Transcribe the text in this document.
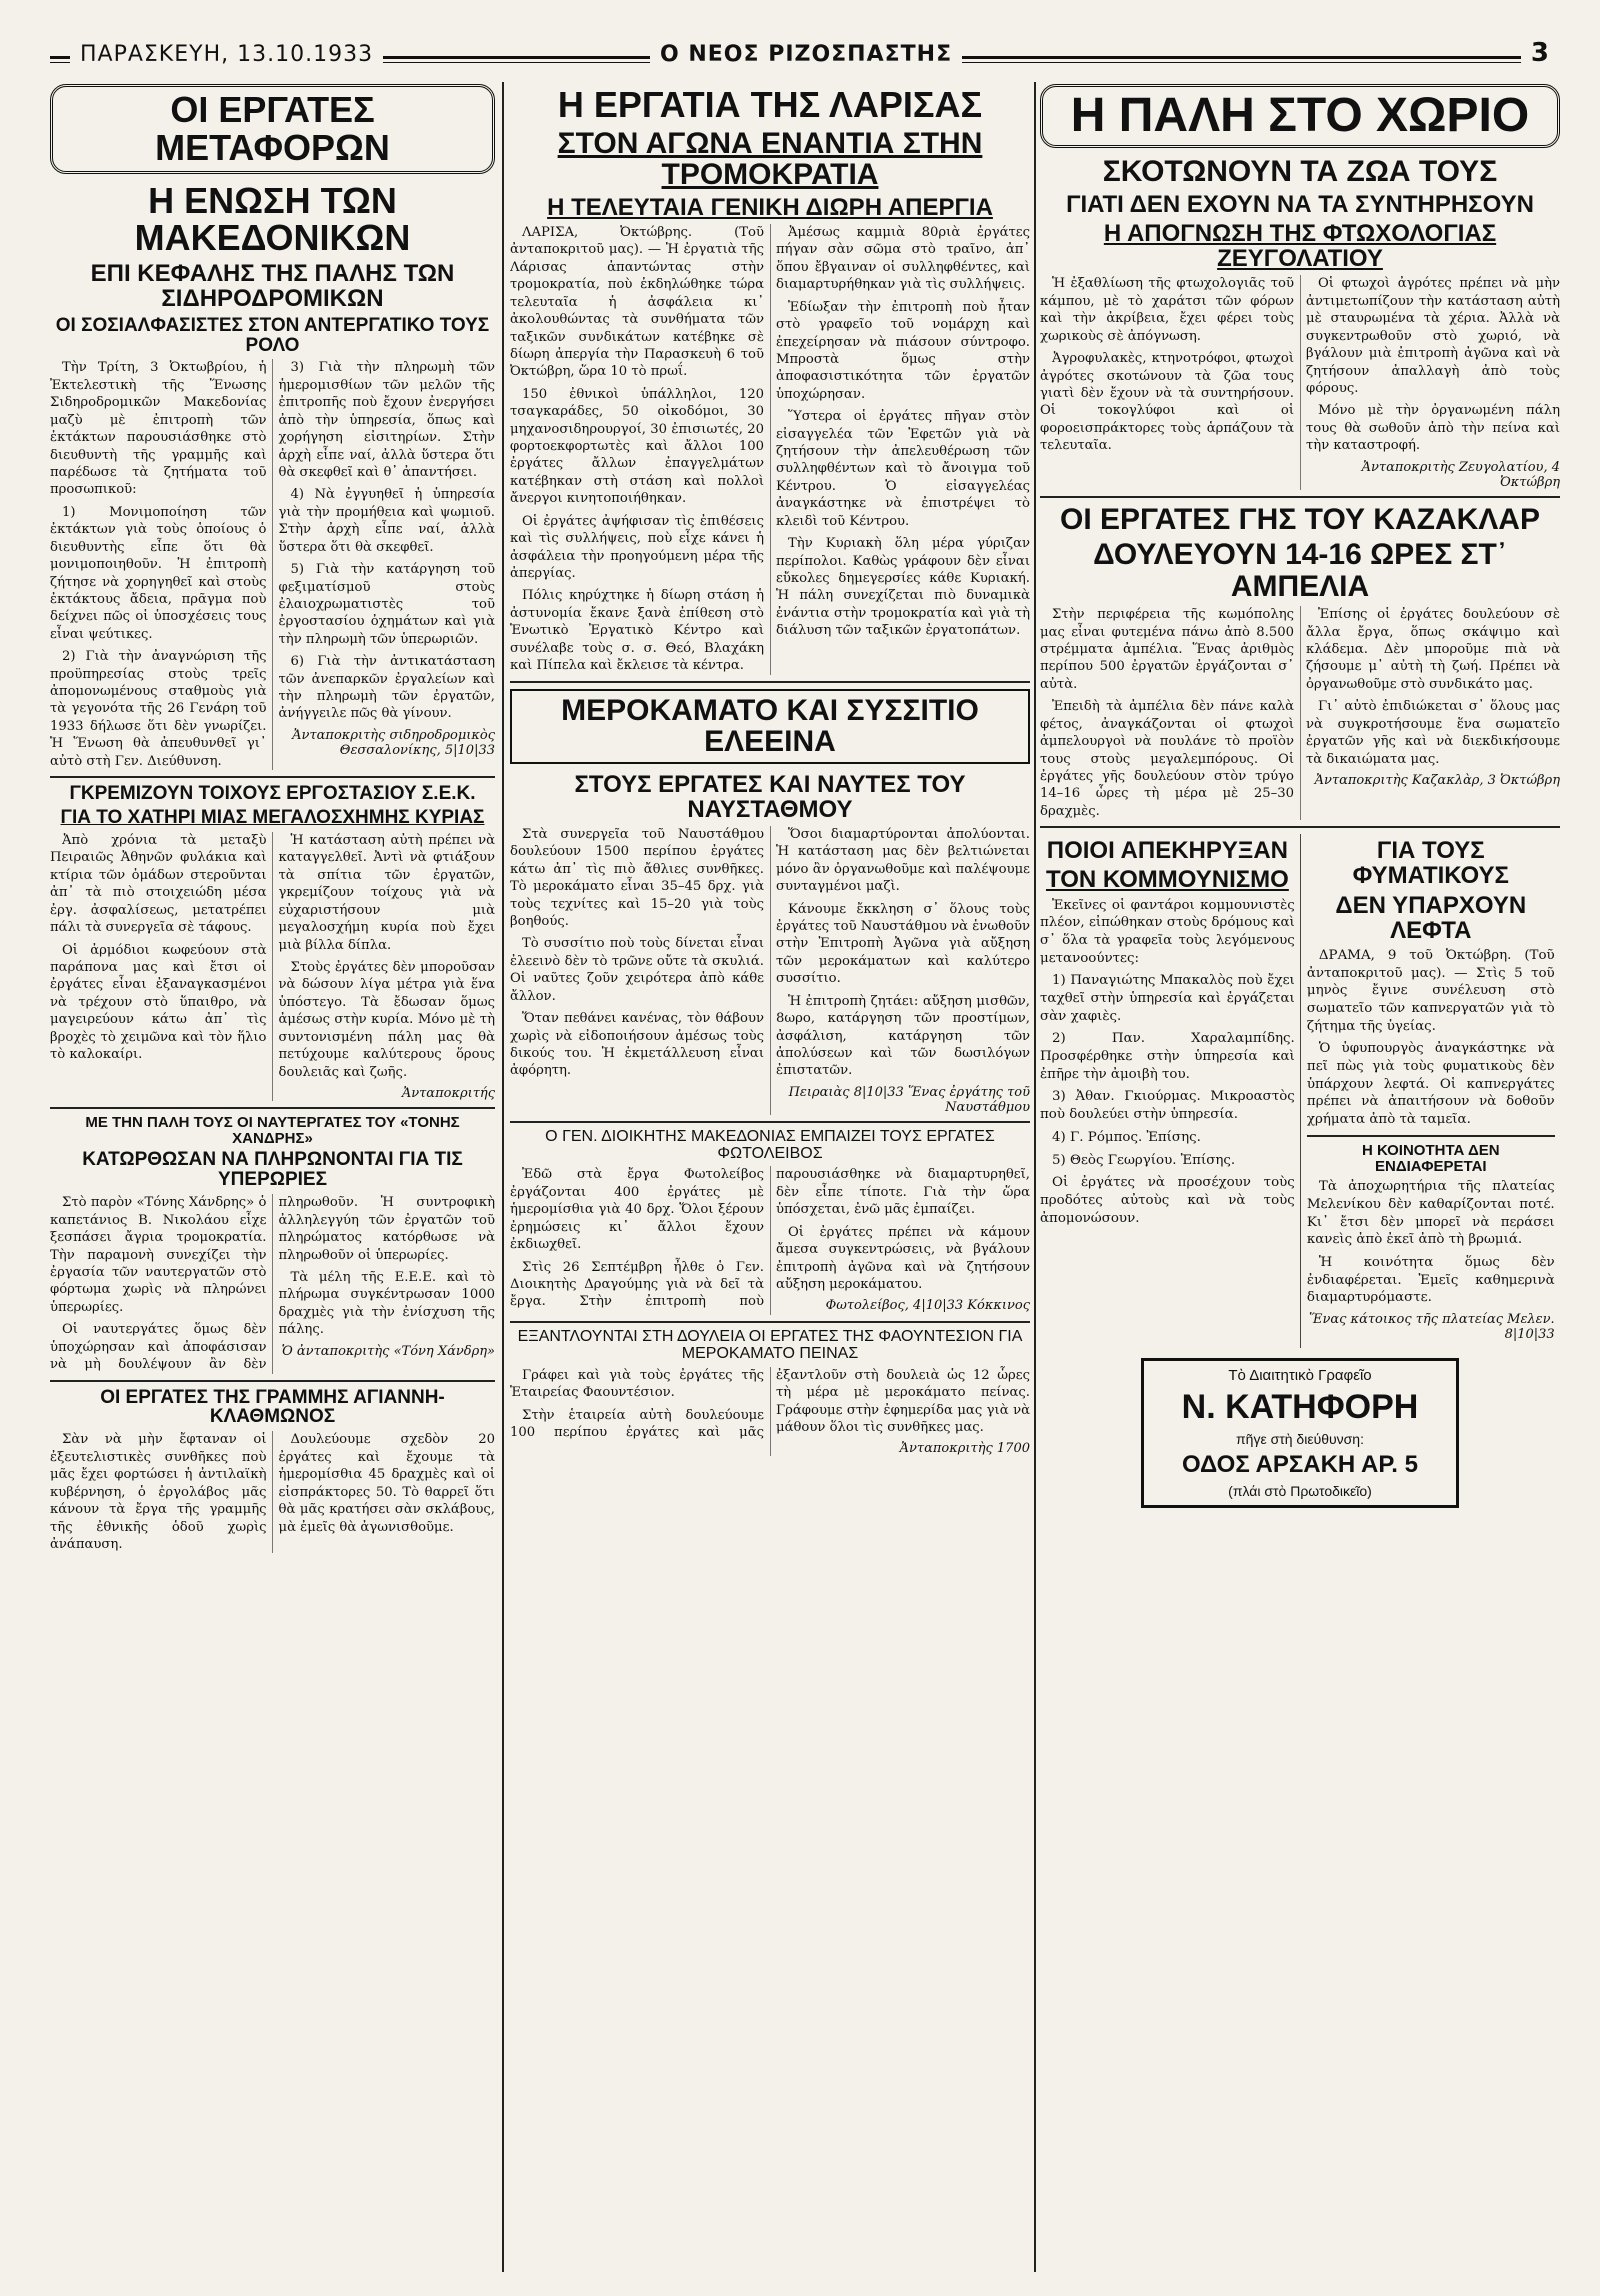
ΠΑΡΑΣΚΕΥΗ, 13.10.1933	Ο ΝΕΟΣ ΡΙΖΟΣΠΑΣΤΗΣ	3
ΟΙ ΕΡΓΑΤΕΣ ΜΕΤΑΦΟΡΩΝ
Η ΕΝΩΣΗ ΤΩΝ ΜΑΚΕΔΟΝΙΚΩΝ
ΕΠΙ ΚΕΦΑΛΗΣ ΤΗΣ ΠΑΛΗΣ ΤΩΝ ΣΙΔΗΡΟΔΡΟΜΙΚΩΝ
ΟΙ ΣΟΣΙΑΛΦΑΣΙΣΤΕΣ ΣΤΟΝ ΑΝΤΕΡΓΑΤΙΚΟ ΤΟΥΣ ΡΟΛΟ

Τὴν Τρίτη, 3 Ὀκτωβρίου, ἡ Ἐκτελεστικὴ τῆς Ἕνωσης Σιδηροδρομικῶν Μακεδονίας μαζὺ μὲ ἐπιτροπὴ τῶν ἐκτάκτων παρουσιάσθηκε στὸ διευθυντὴ τῆς γραμμῆς καὶ παρέδωσε τὰ ζητήματα τοῦ προσωπικοῦ:

1) Μονιμοποίηση τῶν ἐκτάκτων γιὰ τοὺς ὁποίους ὁ διευθυντὴς εἶπε ὅτι θὰ μονιμοποιηθοῦν. Ἡ ἐπιτροπὴ ζήτησε νὰ χορηγηθεῖ καὶ στοὺς ἐκτάκτους ἄδεια, πρᾶγμα ποὺ δείχνει πῶς οἱ ὑποσχέσεις τους εἶναι ψεύτικες.

2) Γιὰ τὴν ἀναγνώριση τῆς προϋπηρεσίας στοὺς τρεῖς ἀπομονωμένους σταθμοὺς γιὰ τὰ γεγονότα τῆς 26 Γενάρη τοῦ 1933 δήλωσε ὅτι δὲν γνωρίζει. Ἡ Ἕνωση θὰ ἀπευθυνθεῖ γι᾿ αὐτὸ στὴ Γεν. Διεύθυνση.

3) Γιὰ τὴν πληρωμὴ τῶν ἡμερομισθίων τῶν μελῶν τῆς ἐπιτροπῆς ποὺ ἔχουν ἐνεργήσει ἀπὸ τὴν ὑπηρεσία, ὅπως καὶ χορήγηση εἰσιτηρίων. Στὴν ἀρχὴ εἶπε ναί, ἀλλὰ ὕστερα ὅτι θὰ σκεφθεῖ καὶ θ᾿ ἀπαντήσει.

4) Νὰ ἐγγυηθεῖ ἡ ὑπηρεσία γιὰ τὴν προμήθεια καὶ ψωμιοῦ. Στὴν ἀρχὴ εἶπε ναί, ἀλλὰ ὕστερα ὅτι θὰ σκεφθεῖ.

5) Γιὰ τὴν κατάργηση τοῦ φεξιματίσμοῦ στοὺς ἐλαιοχρωματιστὲς τοῦ ἐργοστασίου ὀχημάτων καὶ γιὰ τὴν πληρωμὴ τῶν ὑπερωριῶν.

6) Γιὰ τὴν ἀντικατάσταση τῶν ἀνεπαρκῶν ἐργαλείων καὶ τὴν πληρωμὴ τῶν ἐργατῶν, ἀνήγγειλε πῶς θὰ γίνουν.

Ἀνταποκριτὴς σιδηροδρομικὸς Θεσσαλονίκης, 5|10|33
ΓΚΡΕΜΙΖΟΥΝ ΤΟΙΧΟΥΣ ΕΡΓΟΣΤΑΣΙΟΥ Σ.Ε.Κ.
ΓΙΑ ΤΟ ΧΑΤΗΡΙ ΜΙΑΣ ΜΕΓΑΛΟΣΧΗΜΗΣ ΚΥΡΙΑΣ

Ἀπὸ χρόνια τὰ μεταξὺ Πειραιῶς Ἀθηνῶν φυλάκια καὶ κτίρια τῶν ὁμάδων στεροῦνται ἀπ᾿ τὰ πιὸ στοιχειώδη μέσα ἐργ. ἀσφαλίσεως, μετατρέπει πάλι τὰ συνεργεῖα σὲ τάφους.

Οἱ ἀρμόδιοι κωφεύουν στὰ παράπονα μας καὶ ἔτσι οἱ ἐργάτες εἶναι ἐξαναγκασμένοι νὰ τρέχουν στὸ ὕπαιθρο, νὰ μαγειρεύουν κάτω ἀπ᾿ τὶς βροχὲς τὸ χειμῶνα καὶ τὸν ἥλιο τὸ καλοκαίρι.

Ἡ κατάσταση αὐτὴ πρέπει νὰ καταγγελθεῖ. Ἀντὶ νὰ φτιάξουν τὰ σπίτια τῶν ἐργατῶν, γκρεμίζουν τοίχους γιὰ νὰ εὐχαριστήσουν μιὰ μεγαλοσχήμη κυρία ποὺ ἔχει μιὰ βίλλα δίπλα.

Στοὺς ἐργάτες δὲν μποροῦσαν νὰ δώσουν λίγα μέτρα γιὰ ἕνα ὑπόστεγο. Τὰ ἔδωσαν ὅμως ἀμέσως στὴν κυρία. Μόνο μὲ τὴ συντονισμένη πάλη μας θὰ πετύχουμε καλύτερους ὅρους δουλειᾶς καὶ ζωῆς.

Ἀνταποκριτής
ΜΕ ΤΗΝ ΠΑΛΗ ΤΟΥΣ ΟΙ ΝΑΥΤΕΡΓΑΤΕΣ ΤΟΥ «ΤΟΝΗΣ ΧΑΝΔΡΗΣ»
ΚΑΤΩΡΘΩΣΑΝ ΝΑ ΠΛΗΡΩΝΟΝΤΑΙ ΓΙΑ ΤΙΣ ΥΠΕΡΩΡΙΕΣ

Στὸ παρὸν «Τόνης Χάνδρης» ὁ καπετάνιος Β. Νικολάου εἶχε ξεσπάσει ἄγρια τρομοκρατία. Τὴν παραμονὴ συνεχίζει τὴν ἐργασία τῶν ναυτεργατῶν στὸ φόρτωμα χωρὶς νὰ πληρώνει ὑπερωρίες.

Οἱ ναυτεργάτες ὅμως δὲν ὑποχώρησαν καὶ ἀποφάσισαν νὰ μὴ δουλέψουν ἂν δὲν πληρωθοῦν. Ἡ συντροφικὴ ἀλληλεγγύη τῶν ἐργατῶν τοῦ πληρώματος κατόρθωσε νὰ πληρωθοῦν οἱ ὑπερωρίες.

Τὰ μέλη τῆς Ε.Ε.Ε. καὶ τὸ πλήρωμα συγκέντρωσαν 1000 δραχμὲς γιὰ τὴν ἐνίσχυση τῆς πάλης.

Ὁ ἀνταποκριτὴς «Τόνη Χάνδρη»
ΟΙ ΕΡΓΑΤΕΣ ΤΗΣ ΓΡΑΜΜΗΣ ΑΓΙΑΝΝΗ-ΚΛΑΘΜΩΝΟΣ

Σὰν νὰ μὴν ἔφταναν οἱ ἐξευτελιστικὲς συνθῆκες ποὺ μᾶς ἔχει φορτώσει ἡ ἀντιλαϊκὴ κυβέρνηση, ὁ ἐργολάβος μᾶς κάνουν τὰ ἔργα τῆς γραμμῆς τῆς ἐθνικῆς ὁδοῦ χωρὶς ἀνάπαυση.

Δουλεύουμε σχεδὸν 20 ἐργάτες καὶ ἔχουμε τὰ ἡμερομίσθια 45 δραχμὲς καὶ οἱ εἰσπράκτορες 50. Τὸ θαρρεῖ ὅτι θὰ μᾶς κρατήσει σὰν σκλάβους, μὰ ἐμεῖς θὰ ἀγωνισθοῦμε.

Η ΕΡΓΑΤΙΑ ΤΗΣ ΛΑΡΙΣΑΣ
ΣΤΟΝ ΑΓΩΝΑ ΕΝΑΝΤΙΑ ΣΤΗΝ ΤΡΟΜΟΚΡΑΤΙΑ
Η ΤΕΛΕΥΤΑΙΑ ΓΕΝΙΚΗ ΔΙΩΡΗ ΑΠΕΡΓΙΑ

ΛΑΡΙΣΑ, Ὀκτώβρης. (Τοῦ ἀνταποκριτοῦ μας). — Ἡ ἐργατιὰ τῆς Λάρισας ἀπαντώντας στὴν τρομοκρατία, ποὺ ἐκδηλώθηκε τώρα τελευταῖα ἡ ἀσφάλεια κι᾿ ἀκολουθώντας τὰ συνθήματα τῶν ταξικῶν συνδικάτων κατέβηκε σὲ δίωρη ἀπεργία τὴν Παρασκευὴ 6 τοῦ Ὀκτώβρη, ὥρα 10 τὸ πρωΐ.

150 ἐθνικοὶ ὑπάλληλοι, 120 τσαγκαράδες, 50 οἰκοδόμοι, 30 μηχανοσιδηρουργοί, 30 ἐπισιωτές, 20 φορτοεκφορτωτὲς καὶ ἄλλοι 100 ἐργάτες ἄλλων ἐπαγγελμάτων κατέβηκαν στὴ στάση καὶ πολλοὶ ἄνεργοι κινητοποιήθηκαν.

Οἱ ἐργάτες ἀψήφισαν τὶς ἐπιθέσεις καὶ τὶς συλλήψεις, ποὺ εἶχε κάνει ἡ ἀσφάλεια τὴν προηγούμενη μέρα τῆς ἀπεργίας.

Πόλις κηρύχτηκε ἡ δίωρη στάση ἡ ἀστυνομία ἔκανε ξανὰ ἐπίθεση στὸ Ἑνωτικὸ Ἐργατικὸ Κέντρο καὶ συνέλαβε τοὺς σ. σ. Θεό, Βλαχάκη καὶ Πίπελα καὶ ἔκλεισε τὰ κέντρα.

Ἀμέσως καμμιὰ 80ριὰ ἐργάτες πήγαν σὰν σῶμα στὸ τραῖνο, ἀπ᾿ ὅπου ἔβγαιναν οἱ συλληφθέντες, καὶ διαμαρτυρήθηκαν γιὰ τὶς συλλήψεις.

Ἐδίωξαν τὴν ἐπιτροπὴ ποὺ ἦταν στὸ γραφεῖο τοῦ νομάρχη καὶ ἐπεχείρησαν νὰ πιάσουν σύντροφο. Μπροστὰ ὅμως στὴν ἀποφασιστικότητα τῶν ἐργατῶν ὑποχώρησαν.

Ὕστερα οἱ ἐργάτες πῆγαν στὸν εἰσαγγελέα τῶν Ἐφετῶν γιὰ νὰ ζητήσουν τὴν ἀπελευθέρωση τῶν συλληφθέντων καὶ τὸ ἄνοιγμα τοῦ Κέντρου. Ὁ εἰσαγγελέας ἀναγκάστηκε νὰ ἐπιστρέψει τὸ κλειδὶ τοῦ Κέντρου.

Τὴν Κυριακὴ ὅλη μέρα γύριζαν περίπολοι. Καθὼς γράφουν δὲν εἶναι εὔκολες δημεγερσίες κάθε Κυριακή. Ἡ πάλη συνεχίζεται πιὸ δυναμικὰ ἐνάντια στὴν τρομοκρατία καὶ γιὰ τὴ διάλυση τῶν ταξικῶν ἐργατοπάτων.

ΜΕΡΟΚΑΜΑΤΟ ΚΑΙ ΣΥΣΣΙΤΙΟ ΕΛΕΕΙΝΑ
ΣΤΟΥΣ ΕΡΓΑΤΕΣ ΚΑΙ ΝΑΥΤΕΣ ΤΟΥ ΝΑΥΣΤΑΘΜΟΥ

Στὰ συνεργεῖα τοῦ Ναυστάθμου δουλεύουν 1500 περίπου ἐργάτες κάτω ἀπ᾿ τὶς πιὸ ἄθλιες συνθῆκες. Τὸ μεροκάματο εἶναι 35–45 δρχ. γιὰ τοὺς τεχνίτες καὶ 15–20 γιὰ τοὺς βοηθούς.

Τὸ συσσίτιο ποὺ τοὺς δίνεται εἶναι ἐλεεινὸ δὲν τὸ τρῶνε οὔτε τὰ σκυλιά. Οἱ ναῦτες ζοῦν χειρότερα ἀπὸ κάθε ἄλλον.

Ὅταν πεθάνει κανένας, τὸν θάβουν χωρὶς νὰ εἰδοποιήσουν ἀμέσως τοὺς δικούς του. Ἡ ἐκμετάλλευση εἶναι ἀφόρητη.

Ὅσοι διαμαρτύρονται ἀπολύονται. Ἡ κατάσταση μας δὲν βελτιώνεται μόνο ἂν ὀργανωθοῦμε καὶ παλέψουμε συνταγμένοι μαζὶ.

Κάνουμε ἔκκληση σ᾿ ὅλους τοὺς ἐργάτες τοῦ Ναυστάθμου νὰ ἑνωθοῦν στὴν Ἐπιτροπὴ Ἀγῶνα γιὰ αὔξηση τῶν μεροκάματων καὶ καλύτερο συσσίτιο.

Ἡ ἐπιτροπὴ ζητάει: αὔξηση μισθῶν, 8ωρο, κατάργηση τῶν προστίμων, ἀσφάλιση, κατάργηση τῶν ἀπολύσεων καὶ τῶν δωσιλόγων ἐπιστατῶν.

Πειραιὰς 8|10|33 Ἕνας ἐργάτης τοῦ Ναυστάθμου
Ο ΓΕΝ. ΔΙΟΙΚΗΤΗΣ ΜΑΚΕΔΟΝΙΑΣ ΕΜΠΑΙΖΕΙ ΤΟΥΣ ΕΡΓΑΤΕΣ ΦΩΤΟΛΕΙΒΟΣ

Ἐδῶ στὰ ἔργα Φωτολείβος ἐργάζονται 400 ἐργάτες μὲ ἡμερομίσθια γιὰ 40 δρχ. Ὅλοι ξέρουν ἐρημώσεις κι᾿ ἄλλοι ἔχουν ἐκδιωχθεῖ.

Στὶς 26 Σεπτέμβρη ἦλθε ὁ Γεν. Διοικητὴς Δραγούμης γιὰ νὰ δεῖ τὰ ἔργα. Στὴν ἐπιτροπὴ ποὺ παρουσιάσθηκε νὰ διαμαρτυρηθεῖ, δὲν εἶπε τίποτε. Γιὰ τὴν ὥρα ὑπόσχεται, ἐνῶ μᾶς ἐμπαίζει.

Οἱ ἐργάτες πρέπει νὰ κάμουν ἄμεσα συγκεντρώσεις, νὰ βγάλουν ἐπιτροπὴ ἀγῶνα καὶ νὰ ζητήσουν αὔξηση μεροκάματου.

Φωτολείβος, 4|10|33 Κόκκινος
ΕΞΑΝΤΛΟΥΝΤΑΙ ΣΤΗ ΔΟΥΛΕΙΑ ΟΙ ΕΡΓΑΤΕΣ ΤΗΣ ΦΑΟΥΝΤΕΣΙΟΝ ΓΙΑ ΜΕΡΟΚΑΜΑΤΟ ΠΕΙΝΑΣ

Γράφει καὶ γιὰ τοὺς ἐργάτες τῆς Ἑταιρείας Φαουντέσιον.

Στὴν ἑταιρεία αὐτὴ δουλεύουμε 100 περίπου ἐργάτες καὶ μᾶς ἐξαντλοῦν στὴ δουλειὰ ὡς 12 ὧρες τὴ μέρα μὲ μεροκάματο πείνας. Γράφουμε στὴν ἐφημερίδα μας γιὰ νὰ μάθουν ὅλοι τὶς συνθῆκες μας.

Ἀνταποκριτὴς 1700
Η ΠΑΛΗ ΣΤΟ ΧΩΡΙΟ
ΣΚΟΤΩΝΟΥΝ ΤΑ ΖΩΑ ΤΟΥΣ
ΓΙΑΤΙ ΔΕΝ ΕΧΟΥΝ ΝΑ ΤΑ ΣΥΝΤΗΡΗΣΟΥΝ
Η ΑΠΟΓΝΩΣΗ ΤΗΣ ΦΤΩΧΟΛΟΓΙΑΣ ΖΕΥΓΟΛΑΤΙΟΥ

Ἡ ἐξαθλίωση τῆς φτωχολογιᾶς τοῦ κάμπου, μὲ τὸ χαράτσι τῶν φόρων καὶ τὴν ἀκρίβεια, ἔχει φέρει τοὺς χωρικοὺς σὲ ἀπόγνωση.

Ἀγροφυλακὲς, κτηνοτρόφοι, φτωχοὶ ἀγρότες σκοτώνουν τὰ ζῶα τους γιατὶ δὲν ἔχουν νὰ τὰ συντηρήσουν. Οἱ τοκογλύφοι καὶ οἱ φοροεισπράκτορες τοὺς ἁρπάζουν τὰ τελευταῖα.

Οἱ φτωχοὶ ἀγρότες πρέπει νὰ μὴν ἀντιμετωπίζουν τὴν κατάσταση αὐτὴ μὲ σταυρωμένα τὰ χέρια. Ἀλλὰ νὰ συγκεντρωθοῦν στὸ χωριό, νὰ βγάλουν μιὰ ἐπιτροπὴ ἀγῶνα καὶ νὰ ζητήσουν ἀπαλλαγὴ ἀπὸ τοὺς φόρους.

Μόνο μὲ τὴν ὀργανωμένη πάλη τους θὰ σωθοῦν ἀπὸ τὴν πείνα καὶ τὴν καταστροφή.

Ἀνταποκριτὴς Ζευγολατίου, 4 Ὀκτώβρη
ΟΙ ΕΡΓΑΤΕΣ ΓΗΣ ΤΟΥ ΚΑΖΑΚΛΑΡ
ΔΟΥΛΕΥΟΥΝ 14-16 ΩΡΕΣ ΣΤ᾿ ΑΜΠΕΛΙΑ

Στὴν περιφέρεια τῆς κωμόπολης μας εἶναι φυτεμένα πάνω ἀπὸ 8.500 στρέμματα ἀμπέλια. Ἕνας ἀριθμὸς περίπου 500 ἐργατῶν ἐργάζονται σ᾿ αὐτὰ.

Ἐπειδὴ τὰ ἀμπέλια δὲν πάνε καλὰ φέτος, ἀναγκάζονται οἱ φτωχοὶ ἀμπελουργοὶ νὰ πουλάνε τὸ προϊὸν τους στοὺς μεγαλεμπόρους. Οἱ ἐργάτες γῆς δουλεύουν στὸν τρύγο 14–16 ὧρες τὴ μέρα μὲ 25–30 δραχμὲς.

Ἐπίσης οἱ ἐργάτες δουλεύουν σὲ ἄλλα ἔργα, ὅπως σκάψιμο καὶ κλάδεμα. Δὲν μποροῦμε πιὰ νὰ ζήσουμε μ᾿ αὐτὴ τὴ ζωή. Πρέπει νὰ ὀργανωθοῦμε στὸ συνδικάτο μας.

Γι᾿ αὐτὸ ἐπιδιώκεται σ᾿ ὅλους μας νὰ συγκροτήσουμε ἕνα σωματεῖο ἐργατῶν γῆς καὶ νὰ διεκδικήσουμε τὰ δικαιώματα μας.

Ἀνταποκριτὴς Καζακλὰρ, 3 Ὀκτώβρη
ΠΟΙΟΙ ΑΠΕΚΗΡΥΞΑΝ
ΤΟΝ ΚΟΜΜΟΥΝΙΣΜΟ

Ἐκεῖνες οἱ φαντάροι κομμουνιστὲς πλέον, εἰπώθηκαν στοὺς δρόμους καὶ σ᾿ ὅλα τὰ γραφεῖα τοὺς λεγόμενους μετανοούντες:

1) Παναγιώτης Μπακαλὸς ποὺ ἔχει ταχθεῖ στὴν ὑπηρεσία καὶ ἐργάζεται σὰν χαφιὲς.

2) Παν. Χαραλαμπίδης. Προσφέρθηκε στὴν ὑπηρεσία καὶ ἐπῆρε τὴν ἀμοιβὴ του.

3) Ἀθαν. Γκιούρμας. Μικροαστὸς ποὺ δουλεύει στὴν ὑπηρεσία.

4) Γ. Ρόμπος. Ἐπίσης.

5) Θεὸς Γεωργίου. Ἐπίσης.

Οἱ ἐργάτες νὰ προσέχουν τοὺς προδότες αὐτοὺς καὶ νὰ τοὺς ἀπομονώσουν.

ΓΙΑ ΤΟΥΣ ΦΥΜΑΤΙΚΟΥΣ
ΔΕΝ ΥΠΑΡΧΟΥΝ ΛΕΦΤΑ

ΔΡΑΜΑ, 9 τοῦ Ὀκτώβρη. (Τοῦ ἀνταποκριτοῦ μας). — Στὶς 5 τοῦ μηνὸς ἔγινε συνέλευση στὸ σωματεῖο τῶν καπνεργατῶν γιὰ τὸ ζήτημα τῆς ὑγείας.

Ὁ ὑφυπουργὸς ἀναγκάστηκε νὰ πεῖ πὼς γιὰ τοὺς φυματικοὺς δὲν ὑπάρχουν λεφτά. Οἱ καπνεργάτες πρέπει νὰ ἀπαιτήσουν νὰ δοθοῦν χρήματα ἀπὸ τὰ ταμεῖα.

Η ΚΟΙΝΟΤΗΤΑ ΔΕΝ ΕΝΔΙΑΦΕΡΕΤΑΙ

Τὰ ἀποχωρητήρια τῆς πλατείας Μελενίκου δὲν καθαρίζονται ποτέ. Κι᾿ ἔτσι δὲν μπορεῖ νὰ περάσει κανεὶς ἀπὸ ἐκεῖ ἀπὸ τὴ βρωμιά.

Ἡ κοινότητα ὅμως δὲν ἐνδιαφέρεται. Ἐμεῖς καθημερινὰ διαμαρτυρόμαστε.

Ἕνας κάτοικος τῆς πλατείας Μελεν. 8|10|33
Τὸ Διαιτητικὸ Γραφεῖο
Ν. ΚΑΤΗΦΟΡΗ
πῆγε στὴ διεύθυνση:
ΟΔΟΣ ΑΡΣΑΚΗ ΑΡ. 5
(πλάι στὸ Πρωτοδικεῖο)
